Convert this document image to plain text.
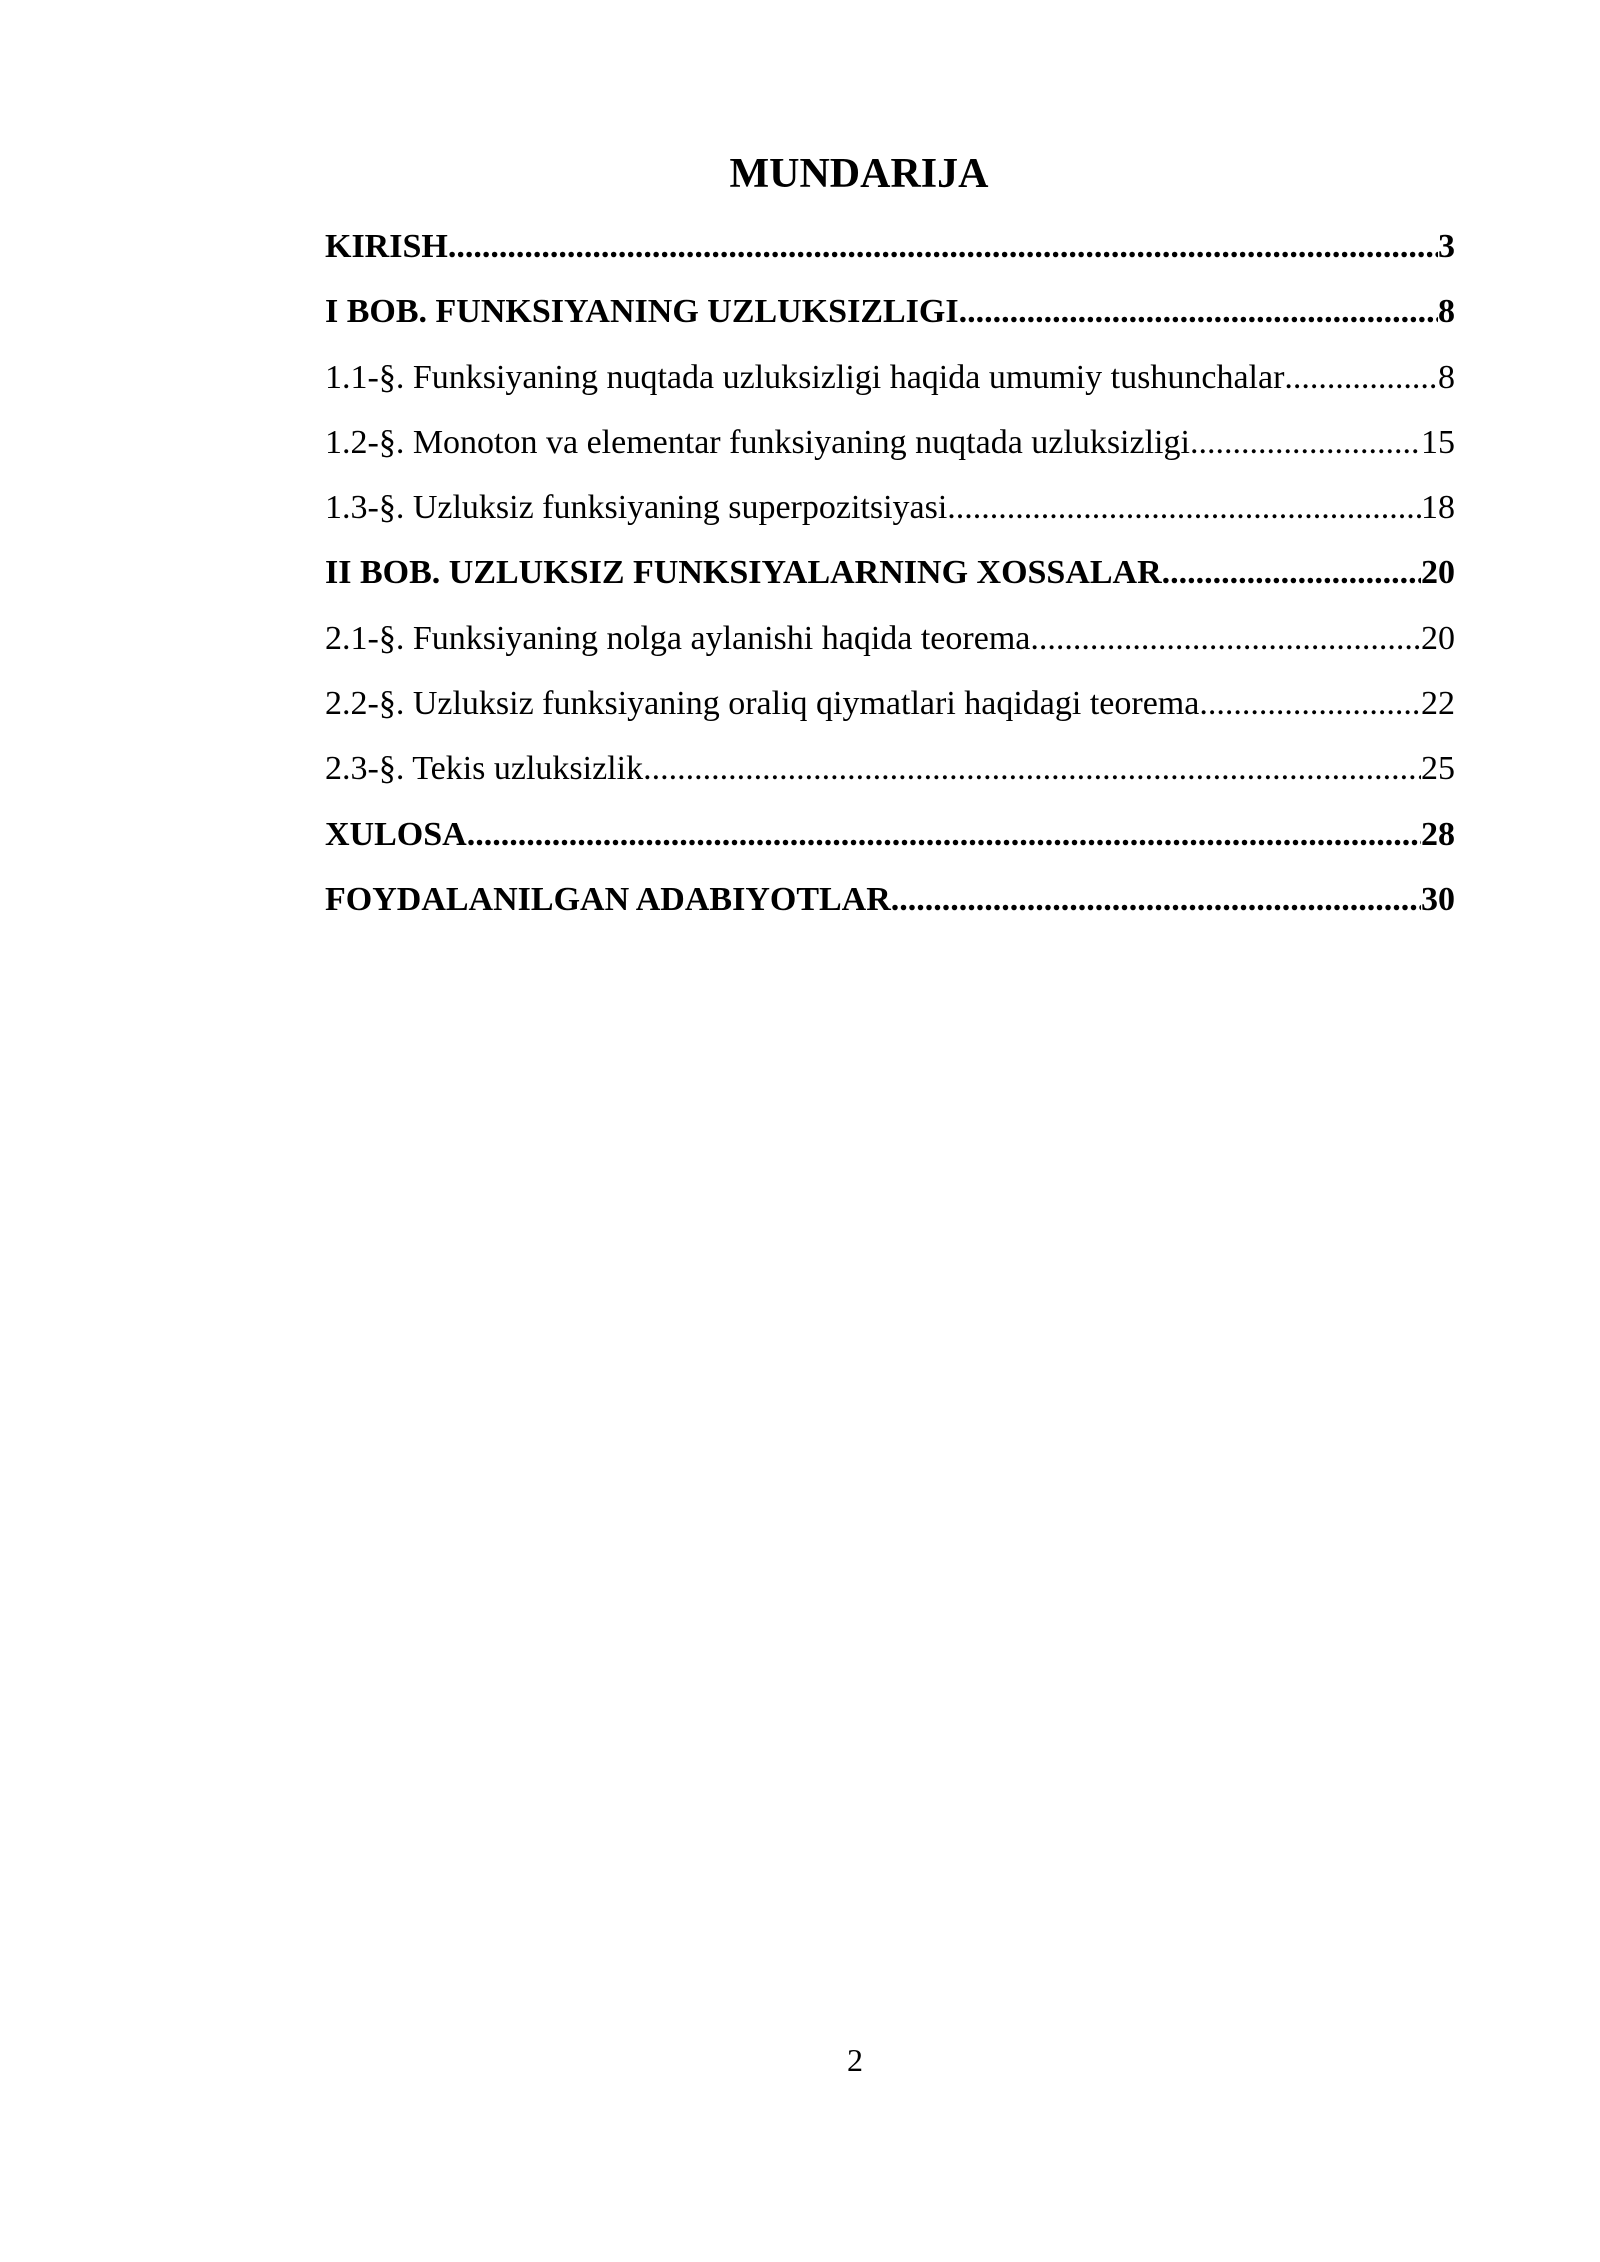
MUNDARIJA
KIRISH .....	3
I BOB. FUNKSIYANING UZLUKSIZLIGI .....	8
1.1-§. Funksiyaning nuqtada uzluksizligi haqida umumiy tushunchalar .....	8
1.2-§. Monoton va elementar funksiyaning nuqtada uzluksizligi .....	15
1.3-§. Uzluksiz funksiyaning superpozitsiyasi .....	18
II BOB. UZLUKSIZ FUNKSIYALARNING XOSSALAR .....	20
2.1-§. Funksiyaning nolga aylanishi haqida teorema .....	20
2.2-§. Uzluksiz funksiyaning oraliq qiymatlari haqidagi teorema .....	22
2.3-§. Tekis uzluksizlik .....	25
XULOSA .....	28
FOYDALANILGAN ADABIYOTLAR .....	30
2
